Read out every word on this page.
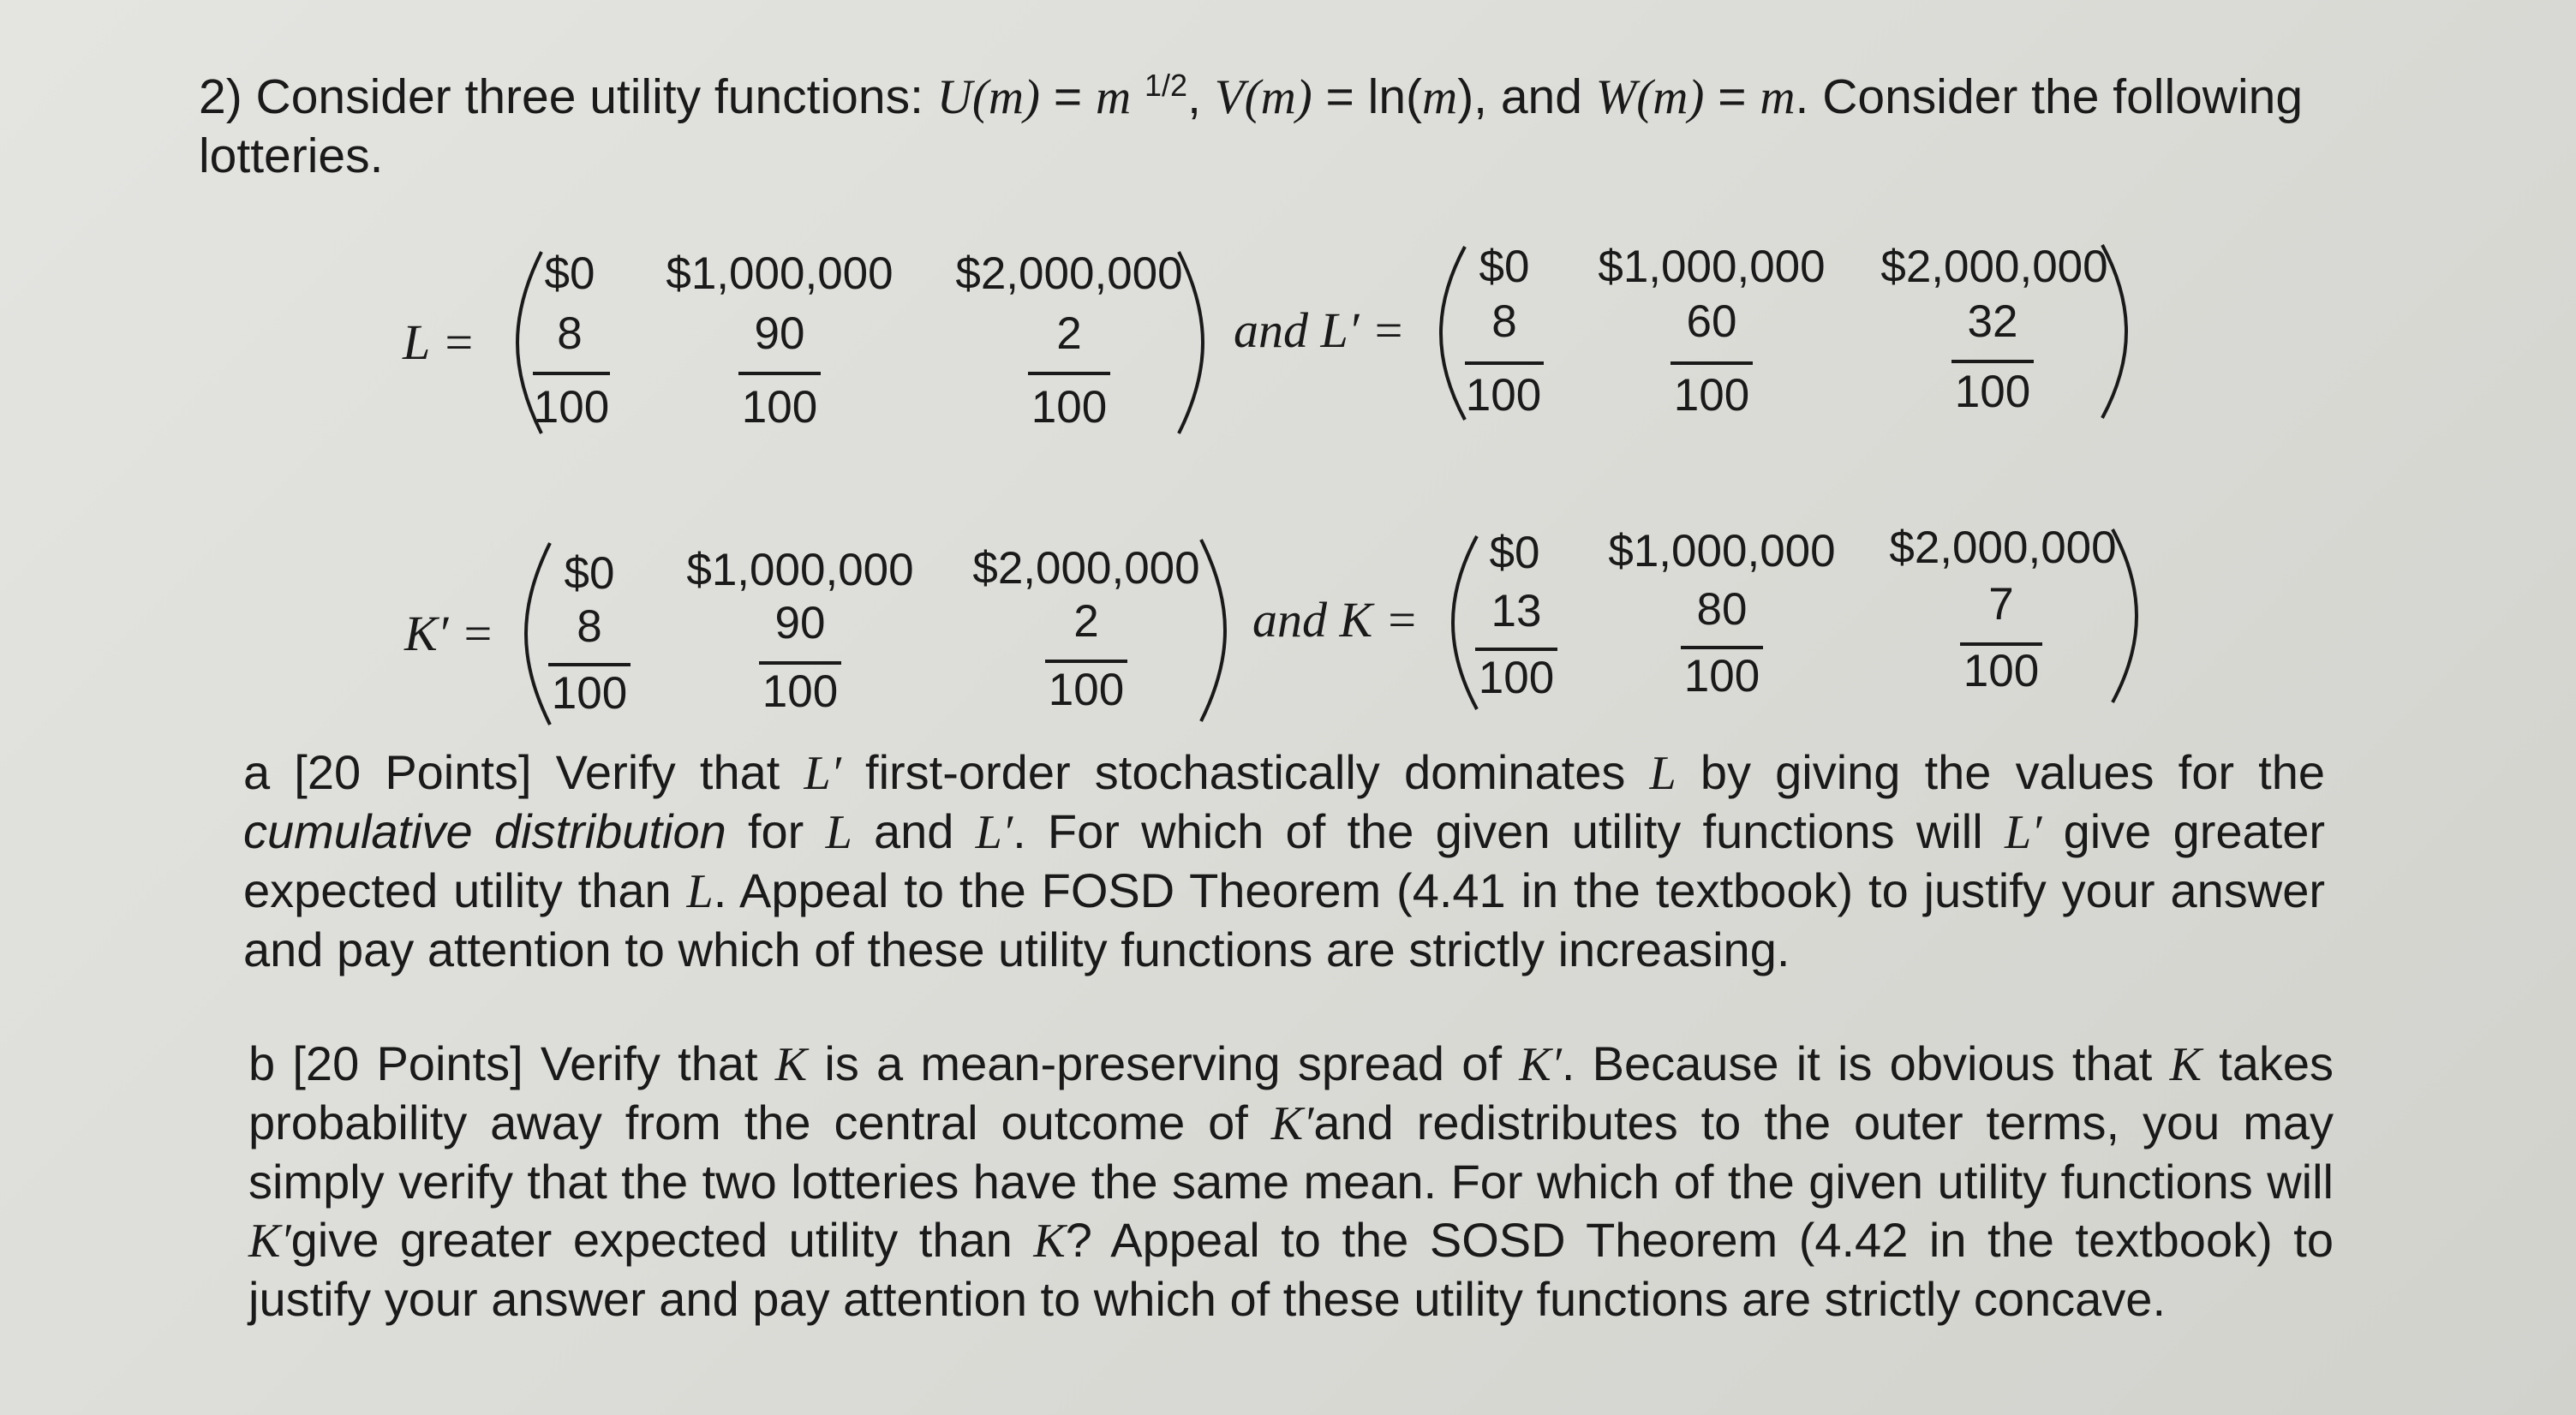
2) Consider three utility functions: U(m) = m $^{1/2}$, V(m) = ln(m), and W(m) = m. Consider the following lotteries.

L =
$0	$1,000,000	$2,000,000
8	90	2
100	100	100
and L′ =
$0	$1,000,000	$2,000,000
8	60	32
100	100	100
K′ =
$0	$1,000,000	$2,000,000
8	90	2
100	100	100
and K =
$0	$1,000,000	$2,000,000
13	80	7
100	100	100

a [20 Points] Verify that L′ first-order stochastically dominates L by giving the values for the cumulative distribution for L and L′. For which of the given utility functions will L′ give greater expected utility than L. Appeal to the FOSD Theorem (4.41 in the textbook) to justify your answer and pay attention to which of these utility functions are strictly increasing.

b [20 Points] Verify that K is a mean-preserving spread of K′. Because it is obvious that K takes probability away from the central outcome of K′and redistributes to the outer terms, you may simply verify that the two lotteries have the same mean. For which of the given utility functions will K′give greater expected utility than K? Appeal to the SOSD Theorem (4.42 in the textbook) to justify your answer and pay attention to which of these utility functions are strictly concave.
